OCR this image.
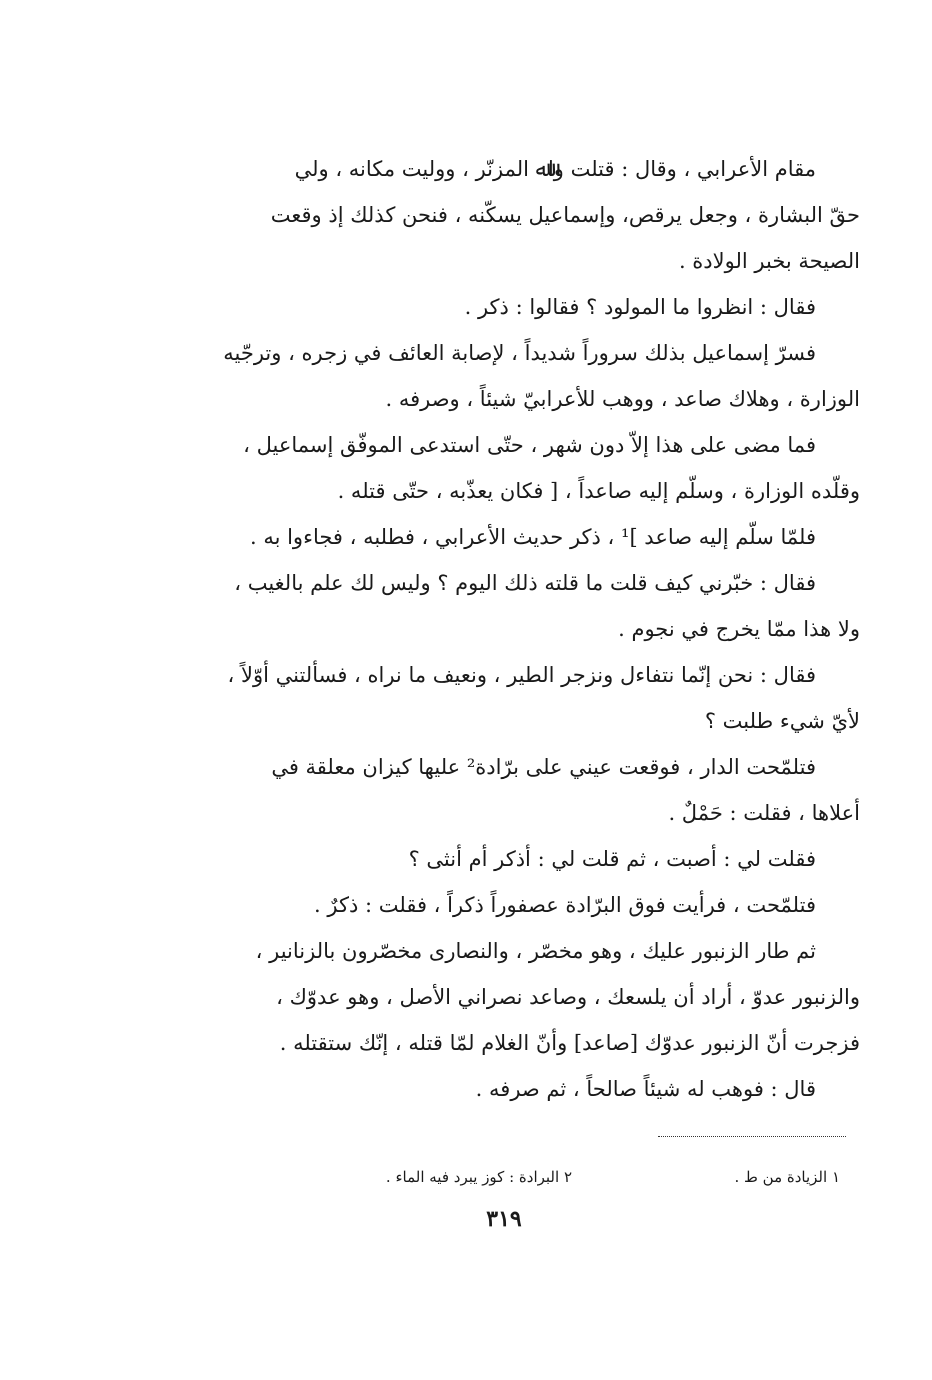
ﻣﻘﺎﻡ ﺍﻷﻋﺮﺍﺑﻲ ، ﻭﻗﺎﻝ : ﻗﺘﻠﺖ ﻭﺍﷲ ﺍﻟﻤﺰﻧّﺮ ، ﻭﻭﻟﻴﺖ ﻣﻜﺎﻧﻪ ، ﻭﻟﻲ
ﺣﻖّ ﺍﻟﺒﺸﺎﺭﺓ ، ﻭﺟﻌﻞ ﻳﺮﻗﺺ، ﻭﺇﺳﻤﺎﻋﻴﻞ ﻳﺴﻜّﻨﻪ ، ﻓﻨﺤﻦ ﻛﺬﻟﻚ ﺇﺫ ﻭﻗﻌﺖ
ﺍﻟﺼﻴﺤﺔ ﺑﺨﺒﺮ ﺍﻟﻮﻻﺩﺓ .
ﻓﻘﺎﻝ : ﺍﻧﻈﺮﻭﺍ ﻣﺎ ﺍﻟﻤﻮﻟﻮﺩ ؟ ﻓﻘﺎﻟﻮﺍ : ﺫﻛﺮ .
ﻓﺴﺮّ ﺇﺳﻤﺎﻋﻴﻞ ﺑﺬﻟﻚ ﺳﺮﻭﺭﺍً ﺷﺪﻳﺪﺍً ، ﻹﺻﺎﺑﺔ ﺍﻟﻌﺎﺋﻒ ﻓﻲ ﺯﺟﺮﻩ ، ﻭﺗﺮﺟّﻴﻪ
ﺍﻟﻮﺯﺍﺭﺓ ، ﻭﻫﻼﻙ ﺻﺎﻋﺪ ، ﻭﻭﻫﺐ ﻟﻸﻋﺮﺍﺑﻲّ ﺷﻴﺌﺎً ، ﻭﺻﺮﻓﻪ .
ﻓﻤﺎ ﻣﻀﻰ ﻋﻠﻰ ﻫﺬﺍ ﺇﻻّ ﺩﻭﻥ ﺷﻬﺮ ، ﺣﺘّﻰ ﺍﺳﺘﺪﻋﻰ ﺍﻟﻤﻮﻓّﻖ ﺇﺳﻤﺎﻋﻴﻞ ،
ﻭﻗﻠّﺪﻩ ﺍﻟﻮﺯﺍﺭﺓ ، ﻭﺳﻠّﻢ ﺇﻟﻴﻪ ﺻﺎﻋﺪﺍً ، [ ﻓﻜﺎﻥ ﻳﻌﺬّﺑﻪ ، ﺣﺘّﻰ ﻗﺘﻠﻪ .
ﻓﻠﻤّﺎ ﺳﻠّﻢ ﺇﻟﻴﻪ ﺻﺎﻋﺪ ]¹ ، ﺫﻛﺮ ﺣﺪﻳﺚ ﺍﻷﻋﺮﺍﺑﻲ ، ﻓﻄﻠﺒﻪ ، ﻓﺠﺎﺀﻭﺍ ﺑﻪ .
ﻓﻘﺎﻝ : ﺧﺒّﺮﻧﻲ ﻛﻴﻒ ﻗﻠﺖ ﻣﺎ ﻗﻠﺘﻪ ﺫﻟﻚ ﺍﻟﻴﻮﻡ ؟ ﻭﻟﻴﺲ ﻟﻚ ﻋﻠﻢ ﺑﺎﻟﻐﻴﺐ ،
ﻭﻻ ﻫﺬﺍ ﻣﻤّﺎ ﻳﺨﺮﺝ ﻓﻲ ﻧﺠﻮﻡ .
ﻓﻘﺎﻝ : ﻧﺤﻦ ﺇﻧّﻤﺎ ﻧﺘﻔﺎﺀﻝ ﻭﻧﺰﺟﺮ ﺍﻟﻄﻴﺮ ، ﻭﻧﻌﻴﻒ ﻣﺎ ﻧﺮﺍﻩ ، ﻓﺴﺄﻟﺘﻨﻲ ﺃﻭّﻻً ،
ﻷﻱّ ﺷﻲﺀ ﻃﻠﺒﺖ ؟
ﻓﺘﻠﻤّﺤﺖ ﺍﻟﺪﺍﺭ ، ﻓﻮﻗﻌﺖ ﻋﻴﻨﻲ ﻋﻠﻰ ﺑﺮّﺍﺩﺓ² ﻋﻠﻴﻬﺎ ﻛﻴﺰﺍﻥ ﻣﻌﻠﻘﺔ ﻓﻲ
ﺃﻋﻼﻫﺎ ، ﻓﻘﻠﺖ : ﺣَﻤْﻞٌ .
ﻓﻘﻠﺖ ﻟﻲ : ﺃﺻﺒﺖ ، ﺛﻢ ﻗﻠﺖ ﻟﻲ : ﺃﺫﻛﺮ ﺃﻡ ﺃﻧﺜﻰ ؟
ﻓﺘﻠﻤّﺤﺖ ، ﻓﺮﺃﻳﺖ ﻓﻮﻕ ﺍﻟﺒﺮّﺍﺩﺓ ﻋﺼﻔﻮﺭﺍً ﺫﻛﺮﺍً ، ﻓﻘﻠﺖ : ﺫﻛﺮٌ .
ﺛﻢ ﻃﺎﺭ ﺍﻟﺰﻧﺒﻮﺭ ﻋﻠﻴﻚ ، ﻭﻫﻮ ﻣﺨﺼّﺮ ، ﻭﺍﻟﻨﺼﺎﺭﻯ ﻣﺨﺼّﺮﻭﻥ ﺑﺎﻟﺰﻧﺎﻧﻴﺮ ،
ﻭﺍﻟﺰﻧﺒﻮﺭ ﻋﺪﻭّ ، ﺃﺭﺍﺩ ﺃﻥ ﻳﻠﺴﻌﻚ ، ﻭﺻﺎﻋﺪ ﻧﺼﺮﺍﻧﻲ ﺍﻷﺻﻞ ، ﻭﻫﻮ ﻋﺪﻭّﻙ ،
ﻓﺰﺟﺮﺕ ﺃﻥّ ﺍﻟﺰﻧﺒﻮﺭ ﻋﺪﻭّﻙ [ﺻﺎﻋﺪ] ﻭﺃﻥّ ﺍﻟﻐﻼﻡ ﻟﻤّﺎ ﻗﺘﻠﻪ ، ﺇﻧّﻚ ﺳﺘﻘﺘﻠﻪ .
ﻗﺎﻝ : ﻓﻮﻫﺐ ﻟﻪ ﺷﻴﺌﺎً ﺻﺎﻟﺤﺎً ، ﺛﻢ ﺻﺮﻓﻪ .
١ ﺍﻟﺰﻳﺎﺩﺓ ﻣﻦ ﻁ .
٢ ﺍﻟﺒﺮﺍﺩﺓ : ﻛﻮﺯ ﻳﺒﺮﺩ ﻓﻴﻪ ﺍﻟﻤﺎﺀ .
٣١٩
